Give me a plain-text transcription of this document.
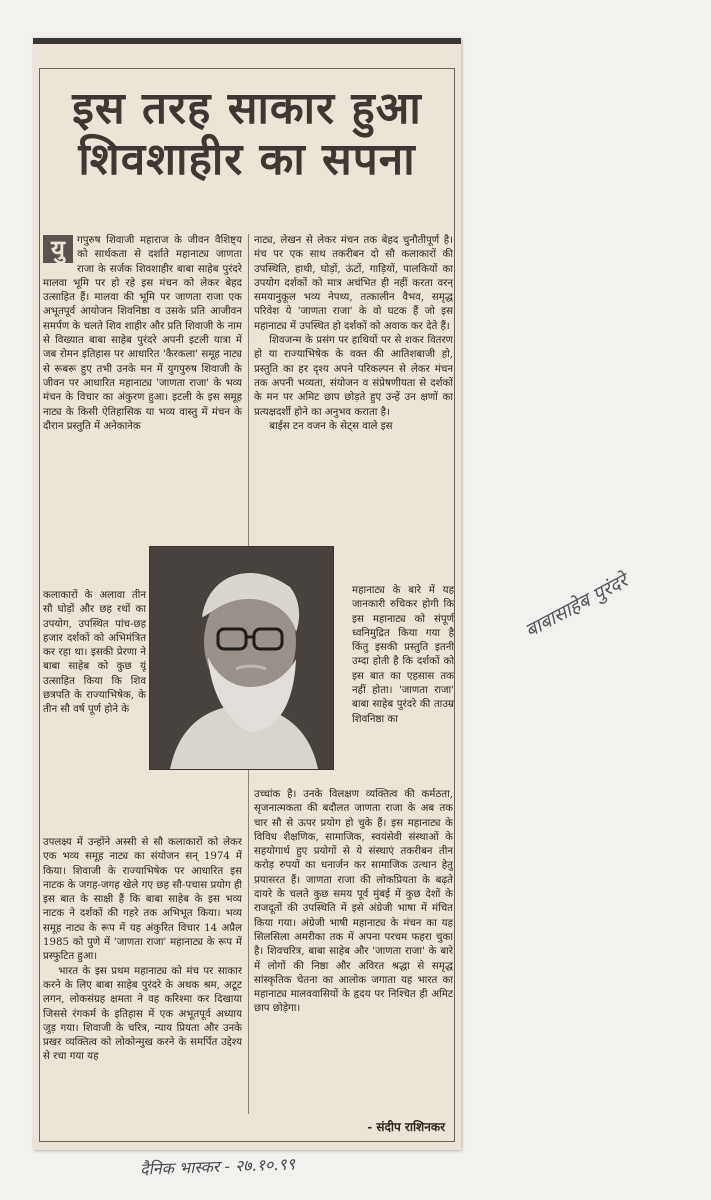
इस तरह साकार हुआ
शिवशाहीर का सपना
यु	गपुरुष शिवाजी महाराज के जीवन वैशिष्ट्य को सार्थकता से दर्शाते महानाट्य जाणता राजा के सर्जक शिवशाहीर बाबा साहेब पुरंदरे मालवा भूमि पर हो रहे इस मंचन को लेकर बेहद उत्साहित हैं। मालवा की भूमि पर जाणता राजा एक अभूतपूर्व आयोजन शिवनिष्ठा व उसके प्रति आजीवन समर्पण के चलते शिव शाहीर और प्रति शिवाजी के नाम से विख्यात बाबा साहेब पुरंदरे अपनी इटली यात्रा में जब रोमन इतिहास पर आधारित 'कैरकला' समूह नाट्य से रूबरू हुए तभी उनके मन में युगपुरुष शिवाजी के जीवन पर आधारित महानाट्य 'जाणता राजा' के भव्य मंचन के विचार का अंकुरण हुआ। इटली के इस समूह नाट्य के किसी ऐतिहासिक या भव्य वास्तु में मंचन के दौरान प्रस्तुति में अनेकानेक

कलाकारों के अलावा तीन सौ घोड़ों और छह रथों का उपयोग, उपस्थित पांच-छह हजार दर्शकों को अभिमंत्रित कर रहा था। इसकी प्रेरणा ने बाबा साहेब को कुछ यूं उत्साहित किया कि शिव छत्रपति के राज्याभिषेक, के तीन सौ वर्ष पूर्ण होने के

उपलक्ष्य में उन्होंने अस्सी से सौ कलाकारों को लेकर एक भव्य समूह नाट्य का संयोजन सन् 1974 में किया। शिवाजी के राज्याभिषेक पर आधारित इस नाटक के जगह-जगह खेले गए छह सौ-पचास प्रयोग ही इस बात के साक्षी हैं कि बाबा साहेब के इस भव्य नाटक ने दर्शकों की गहरे तक अभिभूत किया। भव्य समूह नाट्य के रूप में यह अंकुरित विचार 14 अप्रैल 1985 को पुणे में 'जाणता राजा' महानाट्य के रूप में प्रस्फुटित हुआ।

भारत के इस प्रथम महानाट्य को मंच पर साकार करने के लिए बाबा साहेब पुरंदरे के अथक श्रम, अटूट लगन, लोकसंग्रह क्षमता ने वह करिश्मा कर दिखाया जिससे रंगकर्म के इतिहास में एक अभूतपूर्व अध्याय जुड़ गया। शिवाजी के चरित्र, न्याय प्रियता और उनके प्रखर व्यक्तित्व को लोकोन्मुख करने के समर्पित उद्देश्य से रचा गया यह

नाट्य, लेखन से लेकर मंचन तक बेहद चुनौतीपूर्ण है। मंच पर एक साथ तकरीबन दो सौ कलाकारों की उपस्थिति, हाथी, घोड़ों, ऊंटों, गाड़ियों, पालकियों का उपयोग दर्शकों को मात्र अचंभित ही नहीं करता वरन् समयानुकूल भव्य नेपथ्य, तत्कालीन वैभव, समृद्ध परिवेश ये 'जाणता राजा' के वो घटक हैं जो इस महानाट्य में उपस्थित हो दर्शकों को अवाक कर देते हैं।

शिवजन्म के प्रसंग पर हाथियों पर से शकर वितरण हो या राज्याभिषेक के वक्त की आतिशबाजी हो, प्रस्तुति का हर दृश्य अपने परिकल्पन से लेकर मंचन तक अपनी भव्यता, संयोजन व संप्रेषणीयता से दर्शकों के मन पर अमिट छाप छोड़ते हुए उन्हें उन क्षणों का प्रत्यक्षदर्शी होने का अनुभव कराता है।

बाईस टन वजन के सेट्स वाले इस

महानाट्य के बारे में यह जानकारी रुचिकर होगी कि इस महानाट्य को संपूर्ण ध्वनिमुद्रित किया गया है किंतु इसकी प्रस्तुति इतनी उम्दा होती है कि दर्शकों को इस बात का एहसास तक नहीं होता। 'जाणता राजा' बाबा साहेब पुरंदरे की ताउम्र शिवनिष्ठा का

उच्चांक है। उनके विलक्षण व्यक्तित्व की कर्मठता, सृजनात्मकता की बदौलत जाणता राजा के अब तक चार सौ से ऊपर प्रयोग हो चुके हैं। इस महानाट्य के विविध शैक्षणिक, सामाजिक, स्वयंसेवी संस्थाओं के सहयोगार्थ हुए प्रयोगों से ये संस्थाएं तकरीबन तीन करोड़ रुपयों का धनार्जन कर सामाजिक उत्थान हेतु प्रयासरत हैं। जाणता राजा की लोकप्रियता के बढ़ते दायरे के चलते कुछ समय पूर्व मुंबई में कुछ देशों के राजदूतों की उपस्थिति में इसे अंग्रेजी भाषा में मंचित किया गया। अंग्रेजी भाषी महानाट्य के मंचन का यह सिलसिला अमरीका तक में अपना परचम फहरा चुका है। शिवचरित्र, बाबा साहेब और 'जाणता राजा' के बारे में लोगों की निष्ठा और अविरत श्रद्धा से समृद्ध सांस्कृतिक चेतना का आलोक जगाता यह भारत का महानाट्य मालववासियों के हृदय पर निश्चित ही अमिट छाप छोड़ेगा।

- संदीप राशिनकर
बाबासाहेब पुरंदरे
दैनिक भास्कर - २७.१०.९९
